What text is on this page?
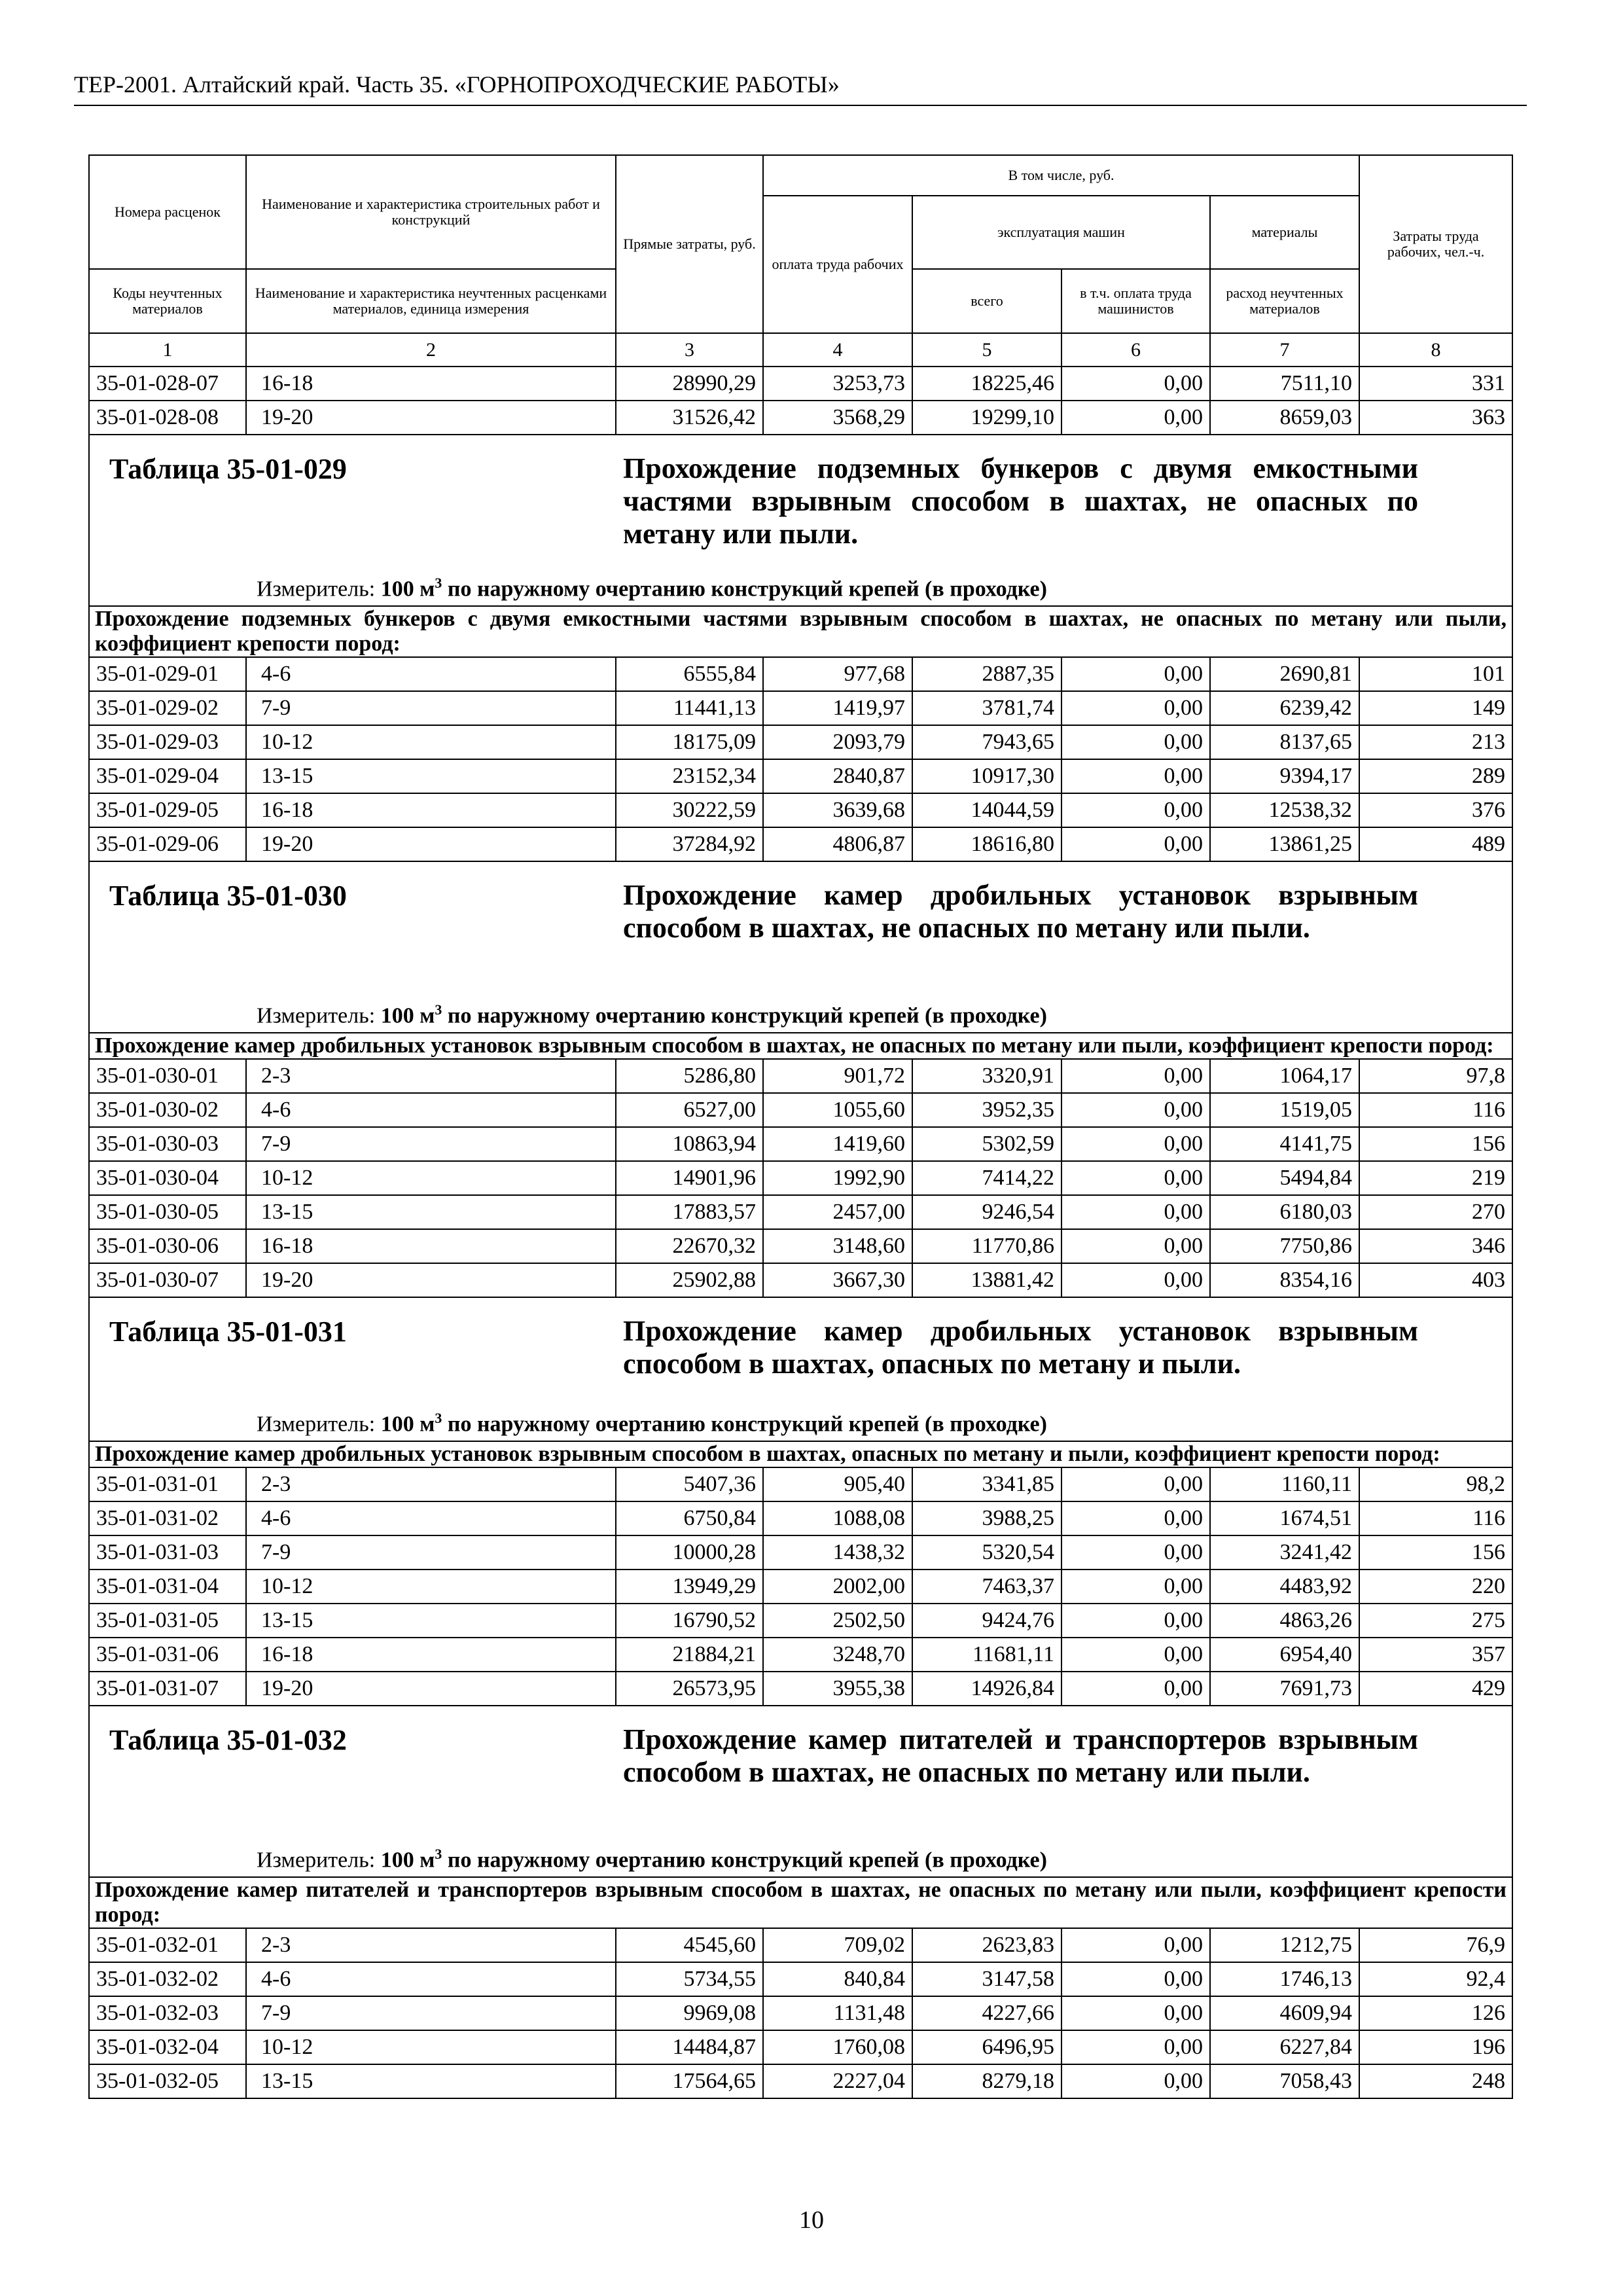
ТЕР-2001. Алтайский край. Часть 35. «ГОРНОПРОХОДЧЕСКИЕ РАБОТЫ»
Номера расценок	Наименование и характеристика строительных работ и конструкций	Прямые затраты, руб.	В том числе, руб.				Затраты труда рабочих, чел.-ч.
			оплата труда рабочих	эксплуатация машин		материалы	
Коды неучтенных материалов	Наименование и характеристика неучтенных расценками материалов, единица измерения			всего	в т.ч. оплата труда машинистов	расход неучтенных материалов	
1	2	3	4	5	6	7	8
35-01-028-07	16-18	28990,29	3253,73	18225,46	0,00	7511,10	331
35-01-028-08	19-20	31526,42	3568,29	19299,10	0,00	8659,03	363

Таблица 35-01-029 Прохождение подземных бункеров с двумя емкостными частями взрывным способом в шахтах, не опасных по метану или пыли.
Измеритель: 100 $м^3$ по наружному очертанию конструкций крепей (в проходке)							

Прохождение подземных бункеров с двумя емкостными частями взрывным способом в шахтах, не опасных по метану или пыли, коэффициент крепости пород:							
35-01-029-01	4-6	6555,84	977,68	2887,35	0,00	2690,81	101
35-01-029-02	7-9	11441,13	1419,97	3781,74	0,00	6239,42	149
35-01-029-03	10-12	18175,09	2093,79	7943,65	0,00	8137,65	213
35-01-029-04	13-15	23152,34	2840,87	10917,30	0,00	9394,17	289
35-01-029-05	16-18	30222,59	3639,68	14044,59	0,00	12538,32	376
35-01-029-06	19-20	37284,92	4806,87	18616,80	0,00	13861,25	489

Таблица 35-01-030 Прохождение камер дробильных установок взрывным способом в шахтах, не опасных по метану или пыли.
Измеритель: 100 $м^3$ по наружному очертанию конструкций крепей (в проходке)							

Прохождение камер дробильных установок взрывным способом в шахтах, не опасных по метану или пыли, коэффициент крепости пород:							
35-01-030-01	2-3	5286,80	901,72	3320,91	0,00	1064,17	97,8
35-01-030-02	4-6	6527,00	1055,60	3952,35	0,00	1519,05	116
35-01-030-03	7-9	10863,94	1419,60	5302,59	0,00	4141,75	156
35-01-030-04	10-12	14901,96	1992,90	7414,22	0,00	5494,84	219
35-01-030-05	13-15	17883,57	2457,00	9246,54	0,00	6180,03	270
35-01-030-06	16-18	22670,32	3148,60	11770,86	0,00	7750,86	346
35-01-030-07	19-20	25902,88	3667,30	13881,42	0,00	8354,16	403

Таблица 35-01-031 Прохождение камер дробильных установок взрывным способом в шахтах, опасных по метану и пыли.
Измеритель: 100 $м^3$ по наружному очертанию конструкций крепей (в проходке)							

Прохождение камер дробильных установок взрывным способом в шахтах, опасных по метану и пыли, коэффициент крепости пород:							
35-01-031-01	2-3	5407,36	905,40	3341,85	0,00	1160,11	98,2
35-01-031-02	4-6	6750,84	1088,08	3988,25	0,00	1674,51	116
35-01-031-03	7-9	10000,28	1438,32	5320,54	0,00	3241,42	156
35-01-031-04	10-12	13949,29	2002,00	7463,37	0,00	4483,92	220
35-01-031-05	13-15	16790,52	2502,50	9424,76	0,00	4863,26	275
35-01-031-06	16-18	21884,21	3248,70	11681,11	0,00	6954,40	357
35-01-031-07	19-20	26573,95	3955,38	14926,84	0,00	7691,73	429

Таблица 35-01-032 Прохождение камер питателей и транспортеров взрывным способом в шахтах, не опасных по метану или пыли.
Измеритель: 100 $м^3$ по наружному очертанию конструкций крепей (в проходке)							

Прохождение камер питателей и транспортеров взрывным способом в шахтах, не опасных по метану или пыли, коэффициент крепости пород:							
35-01-032-01	2-3	4545,60	709,02	2623,83	0,00	1212,75	76,9
35-01-032-02	4-6	5734,55	840,84	3147,58	0,00	1746,13	92,4
35-01-032-03	7-9	9969,08	1131,48	4227,66	0,00	4609,94	126
35-01-032-04	10-12	14484,87	1760,08	6496,95	0,00	6227,84	196
35-01-032-05	13-15	17564,65	2227,04	8279,18	0,00	7058,43	248
10
